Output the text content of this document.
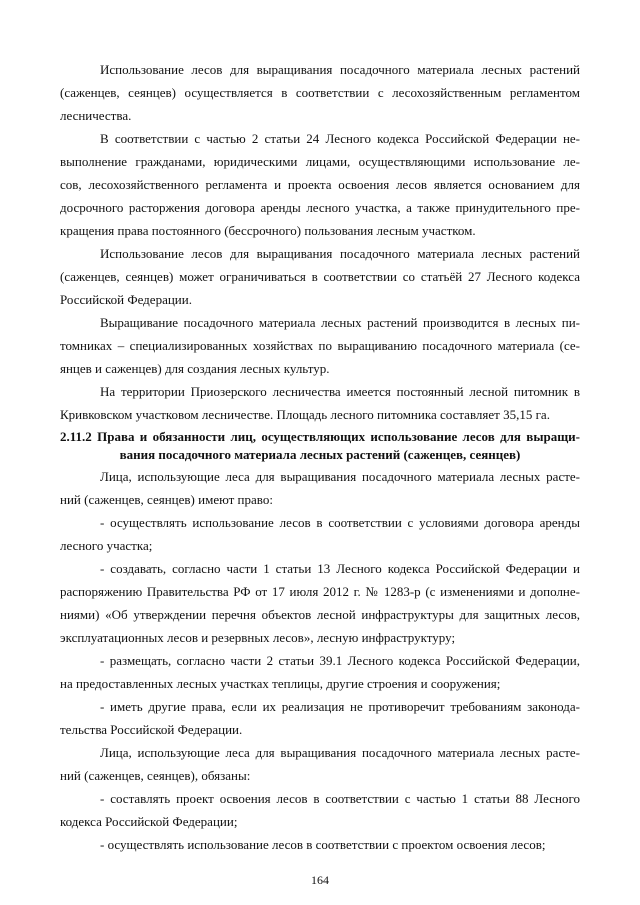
Использование лесов для выращивания посадочного материала лесных растений
(саженцев, сеянцев) осуществляется в соответствии с лесохозяйственным регламентом
лесничества.
В соответствии с частью 2 статьи 24 Лесного кодекса Российской Федерации не-
выполнение гражданами, юридическими лицами, осуществляющими использование ле-
сов, лесохозяйственного регламента и проекта освоения лесов является основанием для
досрочного расторжения договора аренды лесного участка, а также принудительного пре-
кращения права постоянного (бессрочного) пользования лесным участком.
Использование лесов для выращивания посадочного материала лесных растений
(саженцев, сеянцев) может ограничиваться в соответствии со статьёй 27 Лесного кодекса
Российской Федерации.
Выращивание посадочного материала лесных растений производится в лесных пи-
томниках – специализированных хозяйствах по выращиванию посадочного материала (се-
янцев и саженцев) для создания лесных культур.
На территории Приозерского лесничества имеется постоянный лесной питомник в
Кривковском участковом лесничестве. Площадь лесного питомника составляет 35,15 га.
2.11.2 Права и обязанности лиц, осуществляющих использование лесов для выращи-
вания посадочного материала лесных растений (саженцев, сеянцев)
Лица, использующие леса для выращивания посадочного материала лесных расте-
ний (саженцев, сеянцев) имеют право:
- осуществлять использование лесов в соответствии с условиями договора аренды
лесного участка;
- создавать, согласно части 1 статьи 13 Лесного кодекса Российской Федерации и
распоряжению Правительства РФ от 17 июля 2012 г. № 1283-р (с изменениями и дополне-
ниями) «Об утверждении перечня объектов лесной инфраструктуры для защитных лесов,
эксплуатационных лесов и резервных лесов», лесную инфраструктуру;
- размещать, согласно части 2 статьи 39.1 Лесного кодекса Российской Федерации,
на предоставленных лесных участках теплицы, другие строения и сооружения;
- иметь другие права, если их реализация не противоречит требованиям законода-
тельства Российской Федерации.
Лица, использующие леса для выращивания посадочного материала лесных расте-
ний (саженцев, сеянцев), обязаны:
- составлять проект освоения лесов в соответствии с частью 1 статьи 88 Лесного
кодекса Российской Федерации;
- осуществлять использование лесов в соответствии с проектом освоения лесов;
164
